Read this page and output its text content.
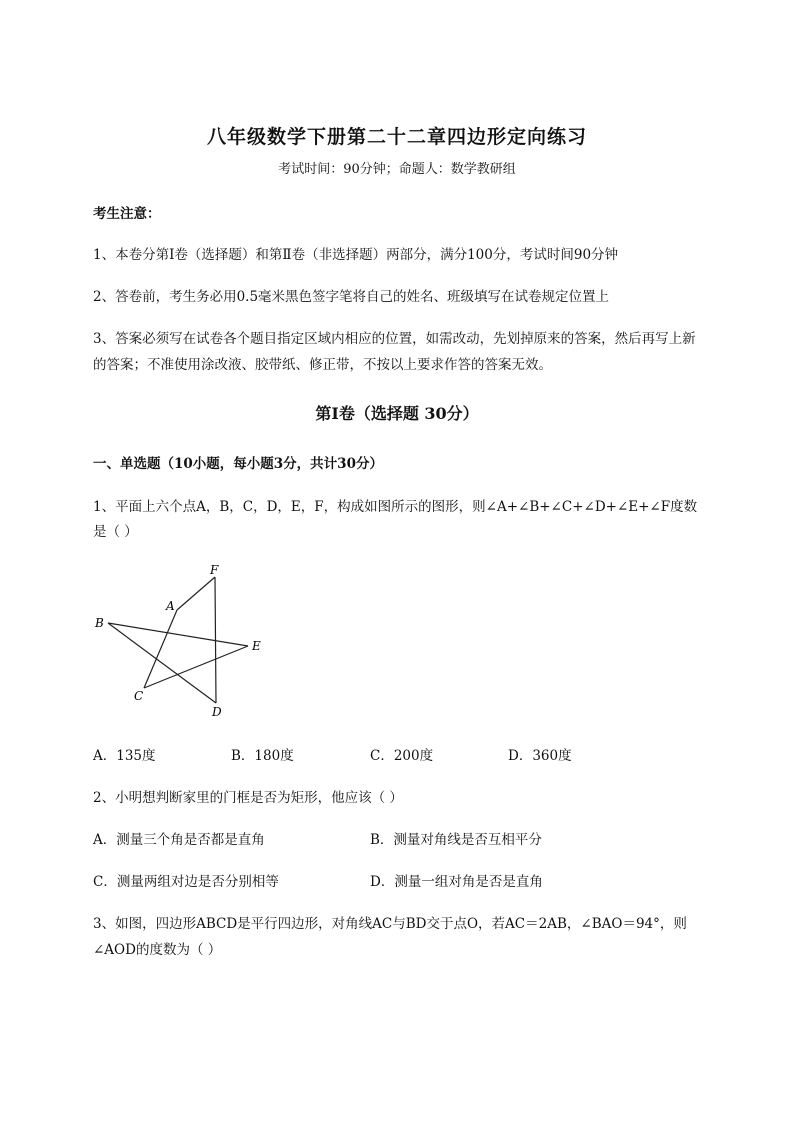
八年级数学下册第二十二章四边形定向练习
考试时间：90分钟；命题人：数学教研组
考生注意：
1、本卷分第I卷（选择题）和第Ⅱ卷（非选择题）两部分，满分100分，考试时间90分钟
2、答卷前，考生务必用0.5毫米黑色签字笔将自己的姓名、班级填写在试卷规定位置上
3、答案必须写在试卷各个题目指定区域内相应的位置，如需改动，先划掉原来的答案，然后再写上新
的答案；不准使用涂改液、胶带纸、修正带，不按以上要求作答的答案无效。
第I卷（选择题 30分）
一、单选题（10小题，每小题3分，共计30分）
1、平面上六个点A，B，C，D，E，F，构成如图所示的图形，则∠A+∠B+∠C+∠D+∠E+∠F度数
是（ ）
F
A
B
E
C
D
A．135度	B．180度	C．200度	D．360度
2、小明想判断家里的门框是否为矩形，他应该（ ）
A．测量三个角是否都是直角	B．测量对角线是否互相平分
C．测量两组对边是否分别相等	D．测量一组对角是否是直角
3、如图，四边形ABCD是平行四边形，对角线AC与BD交于点O，若AC＝2AB，∠BAO＝94°，则
∠AOD的度数为（ ）
